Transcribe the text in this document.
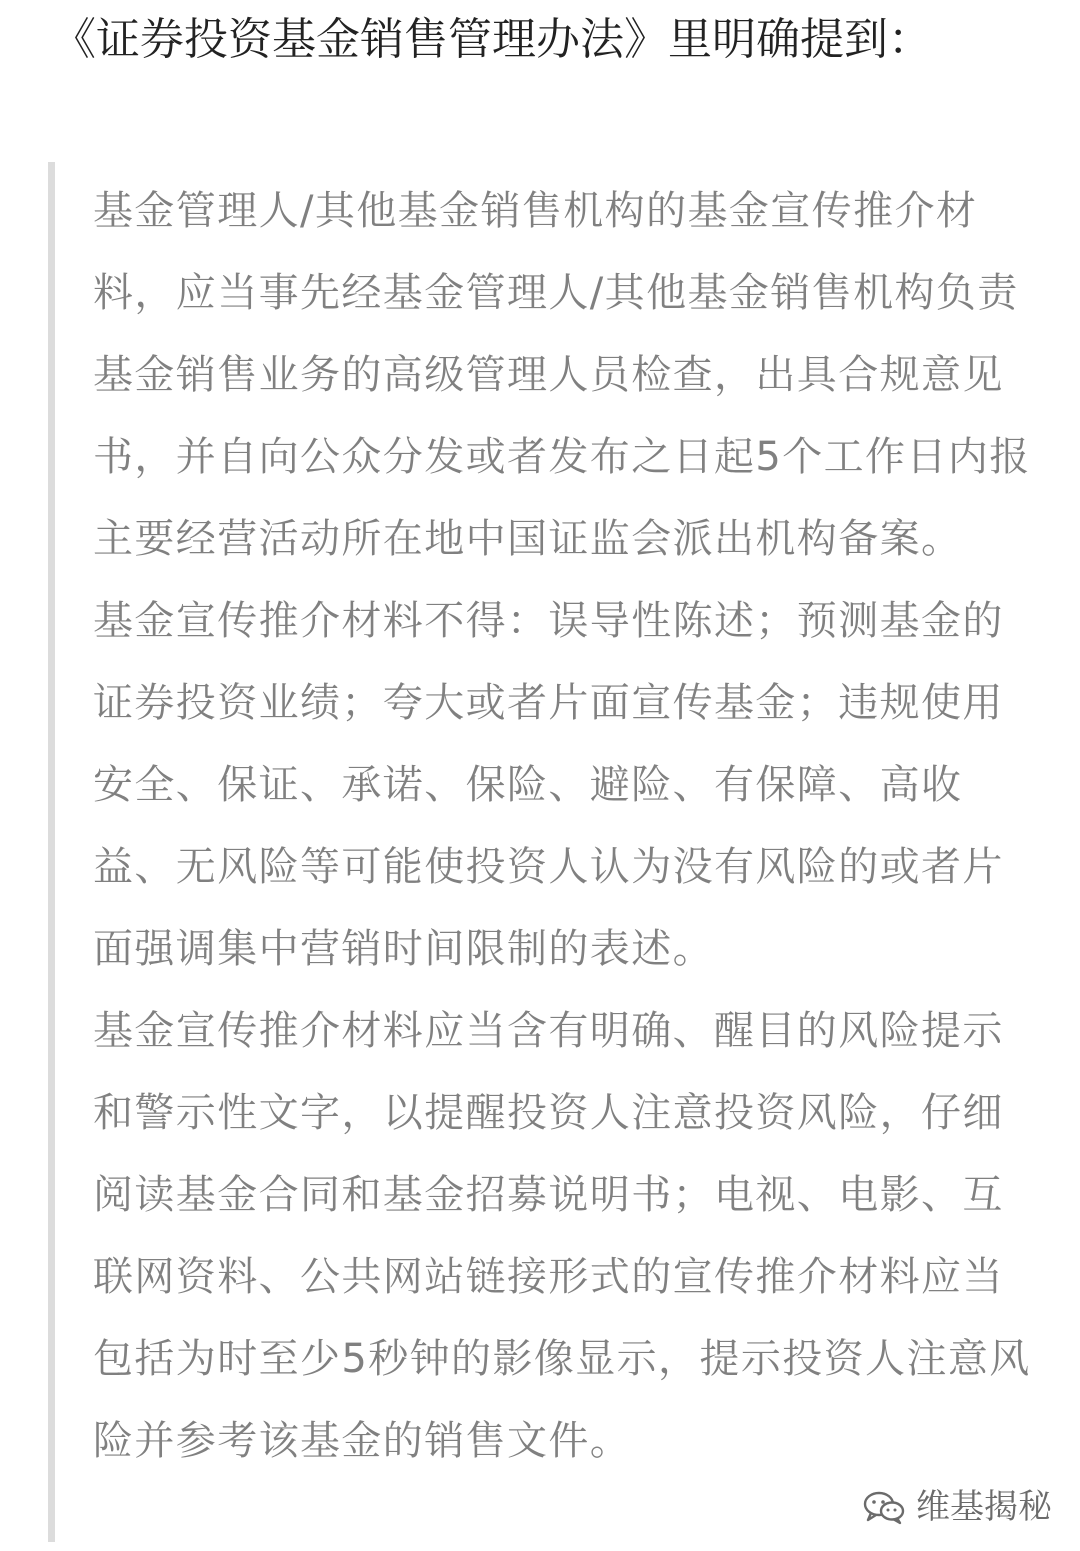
《证券投资基金销售管理办法》里明确提到：

基金管理人/其他基金销售机构的基金宣传推介材料，应当事先经基金管理人/其他基金销售机构负责基金销售业务的高级管理人员检查，出具合规意见书，并自向公众分发或者发布之日起5个工作日内报主要经营活动所在地中国证监会派出机构备案。

基金宣传推介材料不得：误导性陈述；预测基金的证券投资业绩；夸大或者片面宣传基金；违规使用安全、保证、承诺、保险、避险、有保障、高收益、无风险等可能使投资人认为没有风险的或者片面强调集中营销时间限制的表述。

基金宣传推介材料应当含有明确、醒目的风险提示和警示性文字，以提醒投资人注意投资风险，仔细阅读基金合同和基金招募说明书；电视、电影、互联网资料、公共网站链接形式的宣传推介材料应当包括为时至少5秒钟的影像显示，提示投资人注意风险并参考该基金的销售文件。

维基揭秘
